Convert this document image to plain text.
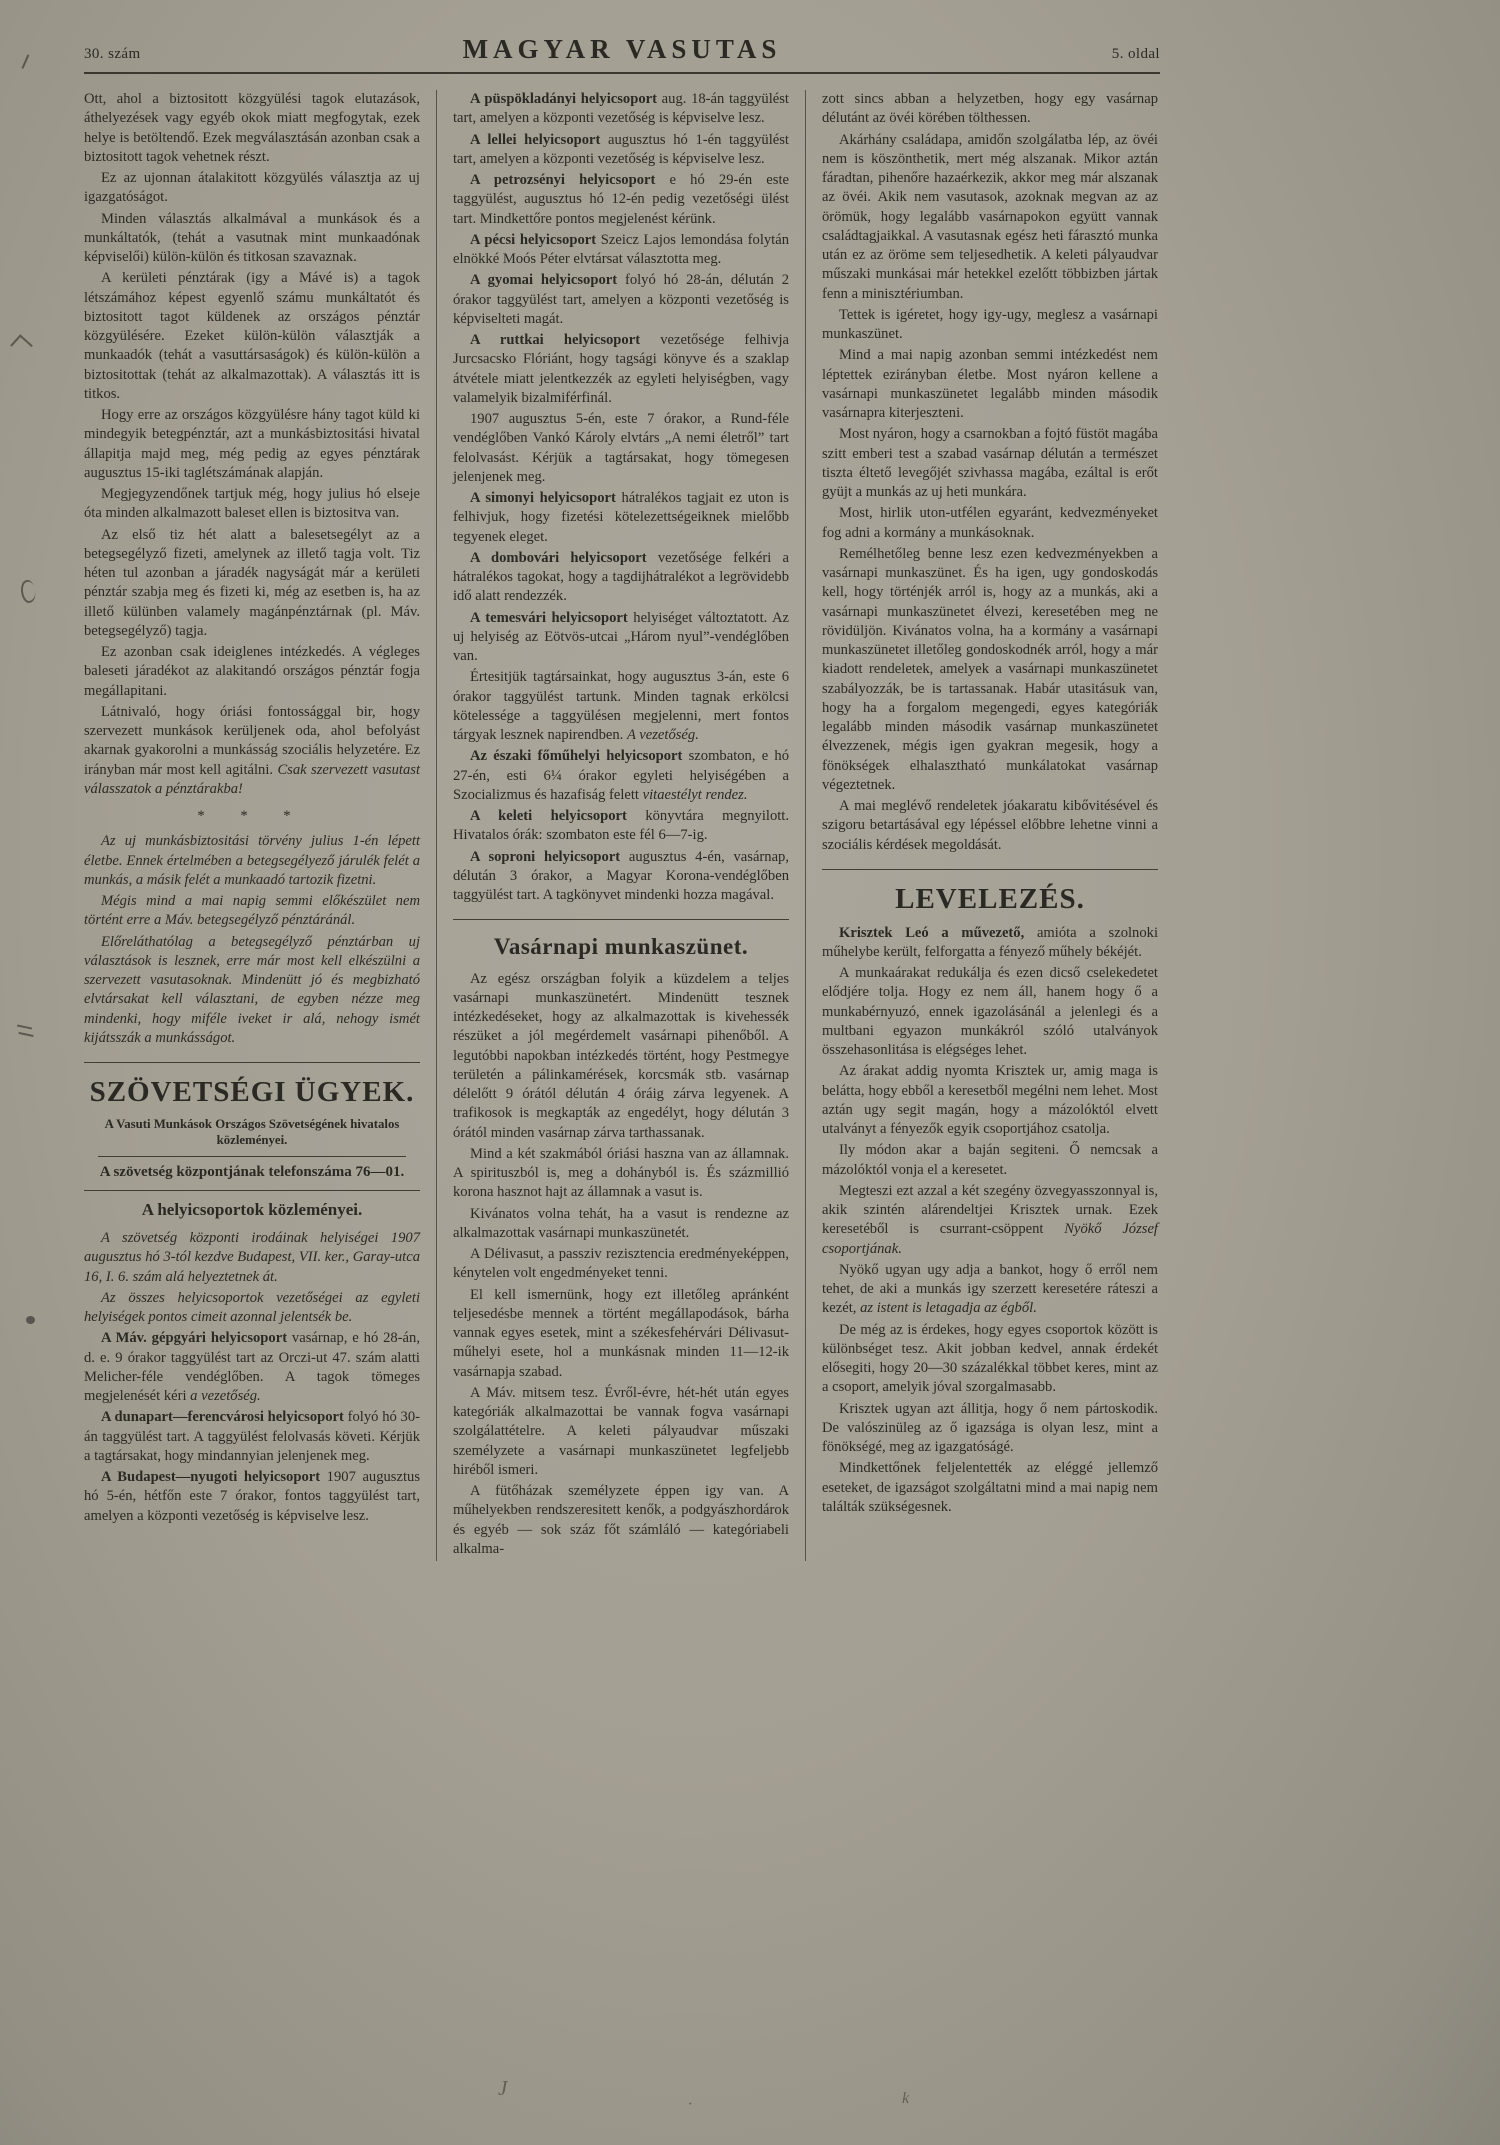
J	k
·
30. szám	MAGYAR VASUTAS	5. oldal

Ott, ahol a biztositott közgyülési tagok elutazások, áthelyezések vagy egyéb okok miatt megfogytak, ezek helye is betöltendő. Ezek megválasztásán azonban csak a biztositott tagok vehetnek részt.

Ez az ujonnan átalakitott közgyülés választja az uj igazgatóságot.

Minden választás alkalmával a munkások és a munkáltatók, (tehát a vasutnak mint munkaadónak képviselői) külön-külön és titkosan szavaznak.

A kerületi pénztárak (igy a Mávé is) a tagok létszámához képest egyenlő számu munkáltatót és biztositott tagot küldenek az országos pénztár közgyülésére. Ezeket külön-külön választják a munkaadók (tehát a vasuttársaságok) és külön-külön a biztositottak (tehát az alkalmazottak). A választás itt is titkos.

Hogy erre az országos közgyülésre hány tagot küld ki mindegyik betegpénztár, azt a munkásbiztositási hivatal állapitja majd meg, még pedig az egyes pénztárak augusztus 15-iki taglétszámának alapján.

Megjegyzendőnek tartjuk még, hogy julius hó elseje óta minden alkalmazott baleset ellen is biztositva van.

Az első tiz hét alatt a balesetsegélyt az a betegsegélyző fizeti, amelynek az illető tagja volt. Tiz héten tul azonban a járadék nagyságát már a kerületi pénztár szabja meg és fizeti ki, még az esetben is, ha az illető külünben valamely magánpénztárnak (pl. Máv. betegsegélyző) tagja.

Ez azonban csak ideiglenes intézkedés. A végleges baleseti járadékot az alakitandó országos pénztár fogja megállapitani.

Látnivaló, hogy óriási fontossággal bir, hogy szervezett munkások kerüljenek oda, ahol befolyást akarnak gyakorolni a munkásság szociális helyzetére. Ez irányban már most kell agitálni. Csak szervezett vasutast válasszatok a pénztárakba!

* * *

Az uj munkásbiztositási törvény julius 1-én lépett életbe. Ennek értelmében a betegsegélyező járulék felét a munkás, a másik felét a munkaadó tartozik fizetni.

Mégis mind a mai napig semmi előkészület nem történt erre a Máv. betegsegélyző pénztáránál.

Előreláthatólag a betegsegélyző pénztárban uj választások is lesznek, erre már most kell elkészülni a szervezett vasutasoknak. Mindenütt jó és megbizható elvtársakat kell választani, de egyben nézze meg mindenki, hogy miféle iveket ir alá, nehogy ismét kijátsszák a munkásságot.

SZÖVETSÉGI ÜGYEK.

A Vasuti Munkások Országos Szövetségének hivatalos közleményei.

A szövetség központjának telefonszáma 76—01.

A helyicsoportok közleményei.

A szövetség központi irodáinak helyiségei 1907 augusztus hó 3-tól kezdve Budapest, VII. ker., Garay-utca 16, I. 6. szám alá helyeztetnek át.

Az összes helyicsoportok vezetőségei az egyleti helyiségek pontos cimeit azonnal jelentsék be.

A Máv. gépgyári helyicsoport vasárnap, e hó 28-án, d. e. 9 órakor taggyülést tart az Orczi-ut 47. szám alatti Melicher-féle vendéglőben. A tagok tömeges megjelenését kéri a vezetőség.

A dunapart—ferencvárosi helyicsoport folyó hó 30-án taggyülést tart. A taggyülést felolvasás követi. Kérjük a tagtársakat, hogy mindannyian jelenjenek meg.

A Budapest—nyugoti helyicsoport 1907 augusztus hó 5-én, hétfőn este 7 órakor, fontos taggyülést tart, amelyen a központi vezetőség is képviselve lesz.

A püspökladányi helyicsoport aug. 18-án taggyülést tart, amelyen a központi vezetőség is képviselve lesz.

A lellei helyicsoport augusztus hó 1-én taggyülést tart, amelyen a központi vezetőség is képviselve lesz.

A petrozsényi helyicsoport e hó 29-én este taggyülést, augusztus hó 12-én pedig vezetőségi ülést tart. Mindkettőre pontos megjelenést kérünk.

A pécsi helyicsoport Szeicz Lajos lemondása folytán elnökké Moós Péter elvtársat választotta meg.

A gyomai helyicsoport folyó hó 28-án, délután 2 órakor taggyülést tart, amelyen a központi vezetőség is képviselteti magát.

A ruttkai helyicsoport vezetősége felhivja Jurcsacsko Flóriánt, hogy tagsági könyve és a szaklap átvétele miatt jelentkezzék az egyleti helyiségben, vagy valamelyik bizalmiférfinál.

1907 augusztus 5-én, este 7 órakor, a Rund-féle vendéglőben Vankó Károly elvtárs „A nemi életről” tart felolvasást. Kérjük a tagtársakat, hogy tömegesen jelenjenek meg.

A simonyi helyicsoport hátralékos tagjait ez uton is felhivjuk, hogy fizetési kötelezettségeiknek mielőbb tegyenek eleget.

A dombovári helyicsoport vezetősége felkéri a hátralékos tagokat, hogy a tagdijhátralékot a legrövidebb idő alatt rendezzék.

A temesvári helyicsoport helyiséget változtatott. Az uj helyiség az Eötvös-utcai „Három nyul”-vendéglőben van.

Értesitjük tagtársainkat, hogy augusztus 3-án, este 6 órakor taggyülést tartunk. Minden tagnak erkölcsi kötelessége a taggyülésen megjelenni, mert fontos tárgyak lesznek napirendben. A vezetőség.

Az északi főműhelyi helyicsoport szombaton, e hó 27-én, esti 6¼ órakor egyleti helyiségében a Szocializmus és hazafiság felett vitaestélyt rendez.

A keleti helyicsoport könyvtára megnyilott. Hivatalos órák: szombaton este fél 6—7-ig.

A soproni helyicsoport augusztus 4-én, vasárnap, délután 3 órakor, a Magyar Korona-vendéglőben taggyülést tart. A tagkönyvet mindenki hozza magával.

Vasárnapi munkaszünet.

Az egész országban folyik a küzdelem a teljes vasárnapi munkaszünetért. Mindenütt tesznek intézkedéseket, hogy az alkalmazottak is kivehessék részüket a jól megérdemelt vasárnapi pihenőből. A legutóbbi napokban intézkedés történt, hogy Pestmegye területén a pálinkamérések, korcsmák stb. vasárnap délelőtt 9 órától délután 4 óráig zárva legyenek. A trafikosok is megkapták az engedélyt, hogy délután 3 órától minden vasárnap zárva tarthassanak.

Mind a két szakmából óriási haszna van az államnak. A spirituszból is, meg a dohányból is. És százmillió korona hasznot hajt az államnak a vasut is.

Kivánatos volna tehát, ha a vasut is rendezne az alkalmazottak vasárnapi munkaszünetét.

A Délivasut, a passziv rezisztencia eredményeképpen, kénytelen volt engedményeket tenni.

El kell ismernünk, hogy ezt illetőleg apránként teljesedésbe mennek a történt megállapodások, bárha vannak egyes esetek, mint a székesfehérvári Délivasut-műhelyi esete, hol a munkásnak minden 11—12-ik vasárnapja szabad.

A Máv. mitsem tesz. Évről-évre, hét-hét után egyes kategóriák alkalmazottai be vannak fogva vasárnapi szolgálattételre. A keleti pályaudvar műszaki személyzete a vasárnapi munkaszünetet legfeljebb hiréből ismeri.

A fütőházak személyzete éppen igy van. A műhelyekben rendszeresitett kenők, a podgyászhordárok és egyéb — sok száz főt számláló — kategóriabeli alkalma-

zott sincs abban a helyzetben, hogy egy vasárnap délutánt az övéi körében tölthessen.

Akárhány családapa, amidőn szolgálatba lép, az övéi nem is köszönthetik, mert még alszanak. Mikor aztán fáradtan, pihenőre hazaérkezik, akkor meg már alszanak az övéi. Akik nem vasutasok, azoknak megvan az az örömük, hogy legalább vasárnapokon együtt vannak családtagjaikkal. A vasutasnak egész heti fárasztó munka után ez az öröme sem teljesedhetik. A keleti pályaudvar műszaki munkásai már hetekkel ezelőtt többizben jártak fenn a minisztériumban.

Tettek is igéretet, hogy igy-ugy, meglesz a vasárnapi munkaszünet.

Mind a mai napig azonban semmi intézkedést nem léptettek ezirányban életbe. Most nyáron kellene a vasárnapi munkaszünetet legalább minden második vasárnapra kiterjeszteni.

Most nyáron, hogy a csarnokban a fojtó füstöt magába szitt emberi test a szabad vasárnap délután a természet tiszta éltető levegőjét szivhassa magába, ezáltal is erőt gyüjt a munkás az uj heti munkára.

Most, hirlik uton-utfélen egyaránt, kedvezményeket fog adni a kormány a munkásoknak.

Remélhetőleg benne lesz ezen kedvezményekben a vasárnapi munkaszünet. És ha igen, ugy gondoskodás kell, hogy történjék arról is, hogy az a munkás, aki a vasárnapi munkaszünetet élvezi, keresetében meg ne rövidüljön. Kivánatos volna, ha a kormány a vasárnapi munkaszünetet illetőleg gondoskodnék arról, hogy a már kiadott rendeletek, amelyek a vasárnapi munkaszünetet szabályozzák, be is tartassanak. Habár utasitásuk van, hogy ha a forgalom megengedi, egyes kategóriák legalább minden második vasárnap munkaszünetet élvezzenek, mégis igen gyakran megesik, hogy a fönökségek elhalasztható munkálatokat vasárnap végeztetnek.

A mai meglévő rendeletek jóakaratu kibővitésével és szigoru betartásával egy lépéssel előbbre lehetne vinni a szociális kérdések megoldását.

LEVELEZÉS.

Krisztek Leó a művezető, amióta a szolnoki műhelybe került, felforgatta a fényező műhely békéjét.

A munkaárakat redukálja és ezen dicső cselekedetet elődjére tolja. Hogy ez nem áll, hanem hogy ő a munkabérnyuzó, ennek igazolásánál a jelenlegi és a multbani egyazon munkákról szóló utalványok összehasonlitása is elégséges lehet.

Az árakat addig nyomta Krisztek ur, amig maga is belátta, hogy ebből a keresetből megélni nem lehet. Most aztán ugy segit magán, hogy a mázolóktól elvett utalványt a fényezők egyik csoportjához csatolja.

Ily módon akar a baján segiteni. Ő nemcsak a mázolóktól vonja el a keresetet.

Megteszi ezt azzal a két szegény özvegyasszonnyal is, akik szintén alárendeltjei Krisztek urnak. Ezek keresetéből is csurrant-csöppent Nyökő József csoportjának.

Nyökő ugyan ugy adja a bankot, hogy ő erről nem tehet, de aki a munkás igy szerzett keresetére ráteszi a kezét, az istent is letagadja az égből.

De még az is érdekes, hogy egyes csoportok között is különbséget tesz. Akit jobban kedvel, annak érdekét elősegiti, hogy 20—30 százalékkal többet keres, mint az a csoport, amelyik jóval szorgalmasabb.

Krisztek ugyan azt állitja, hogy ő nem pártoskodik. De valószinüleg az ő igazsága is olyan lesz, mint a fönökségé, meg az igazgatóságé.

Mindkettőnek feljelentették az eléggé jellemző eseteket, de igazságot szolgáltatni mind a mai napig nem találták szükségesnek.
